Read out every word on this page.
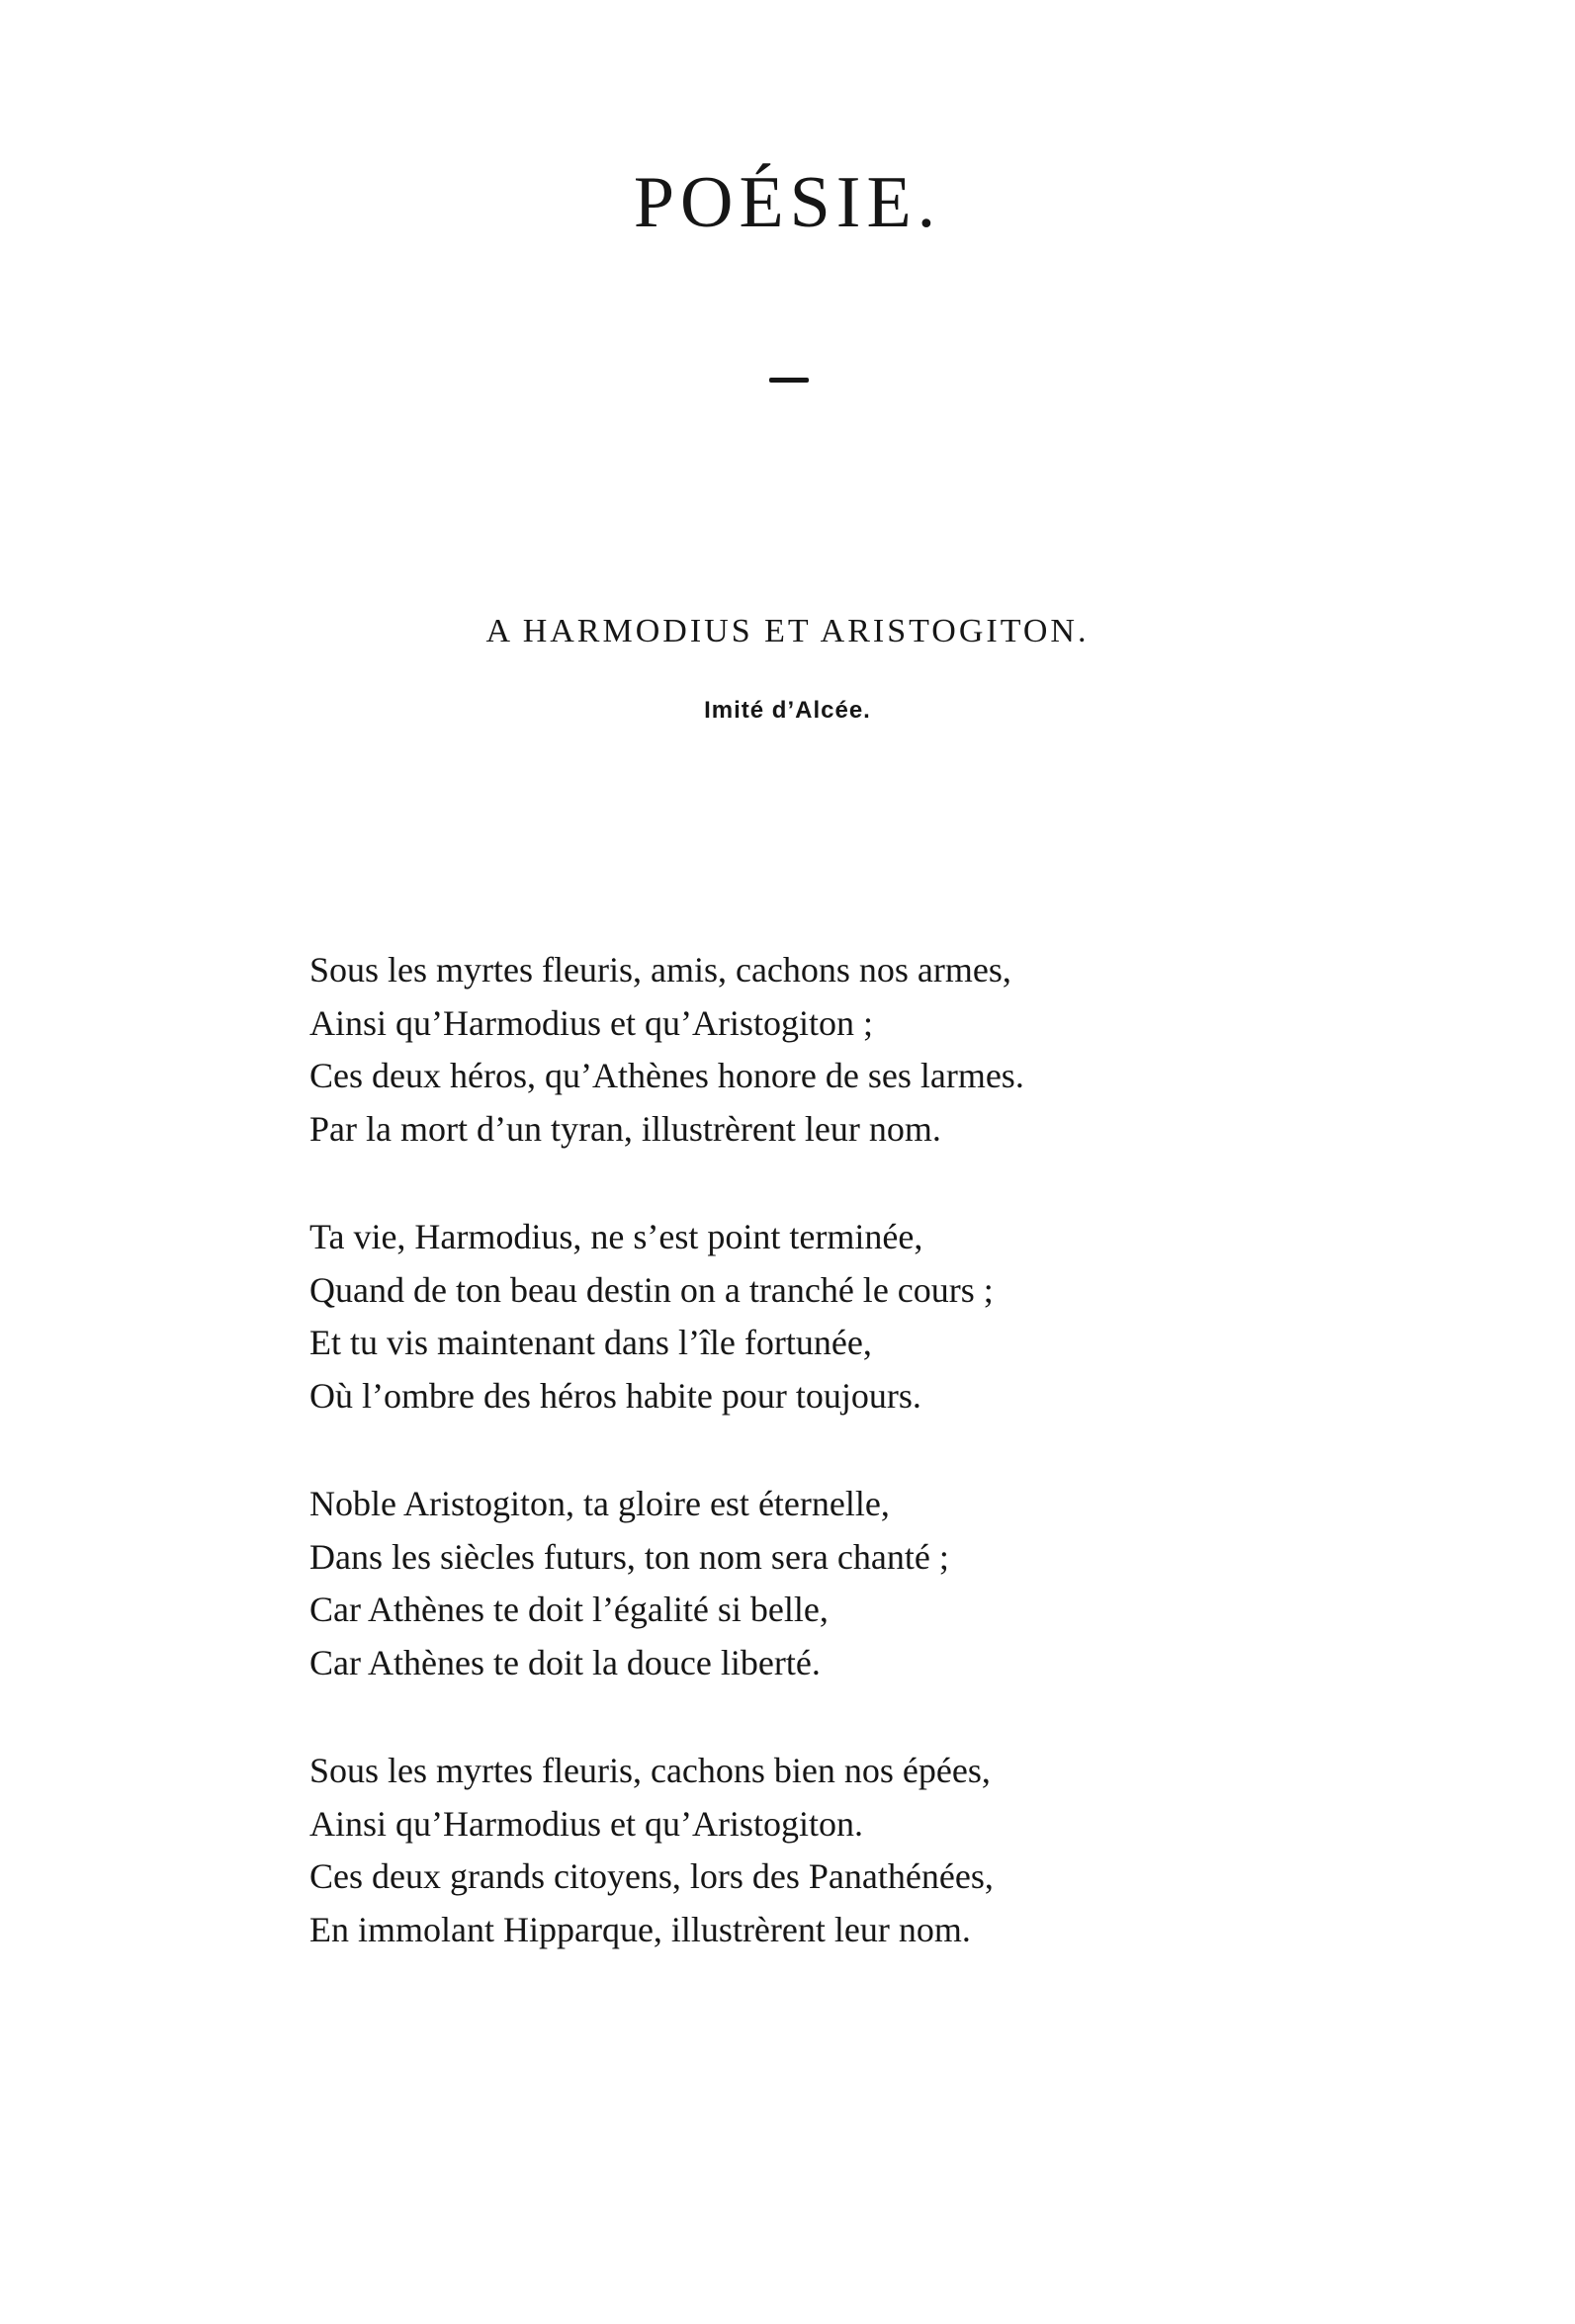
POÉSIE.
A HARMODIUS ET ARISTOGITON.

Imité d’Alcée.

Sous les myrtes fleuris, amis, cachons nos armes,
Ainsi qu’Harmodius et qu’Aristogiton ;
Ces deux héros, qu’Athènes honore de ses larmes.
Par la mort d’un tyran, illustrèrent leur nom.
Ta vie, Harmodius, ne s’est point terminée,
Quand de ton beau destin on a tranché le cours ;
Et tu vis maintenant dans l’île fortunée,
Où l’ombre des héros habite pour toujours.
Noble Aristogiton, ta gloire est éternelle,
Dans les siècles futurs, ton nom sera chanté ;
Car Athènes te doit l’égalité si belle,
Car Athènes te doit la douce liberté.
Sous les myrtes fleuris, cachons bien nos épées,
Ainsi qu’Harmodius et qu’Aristogiton.
Ces deux grands citoyens, lors des Panathénées,
En immolant Hipparque, illustrèrent leur nom.
